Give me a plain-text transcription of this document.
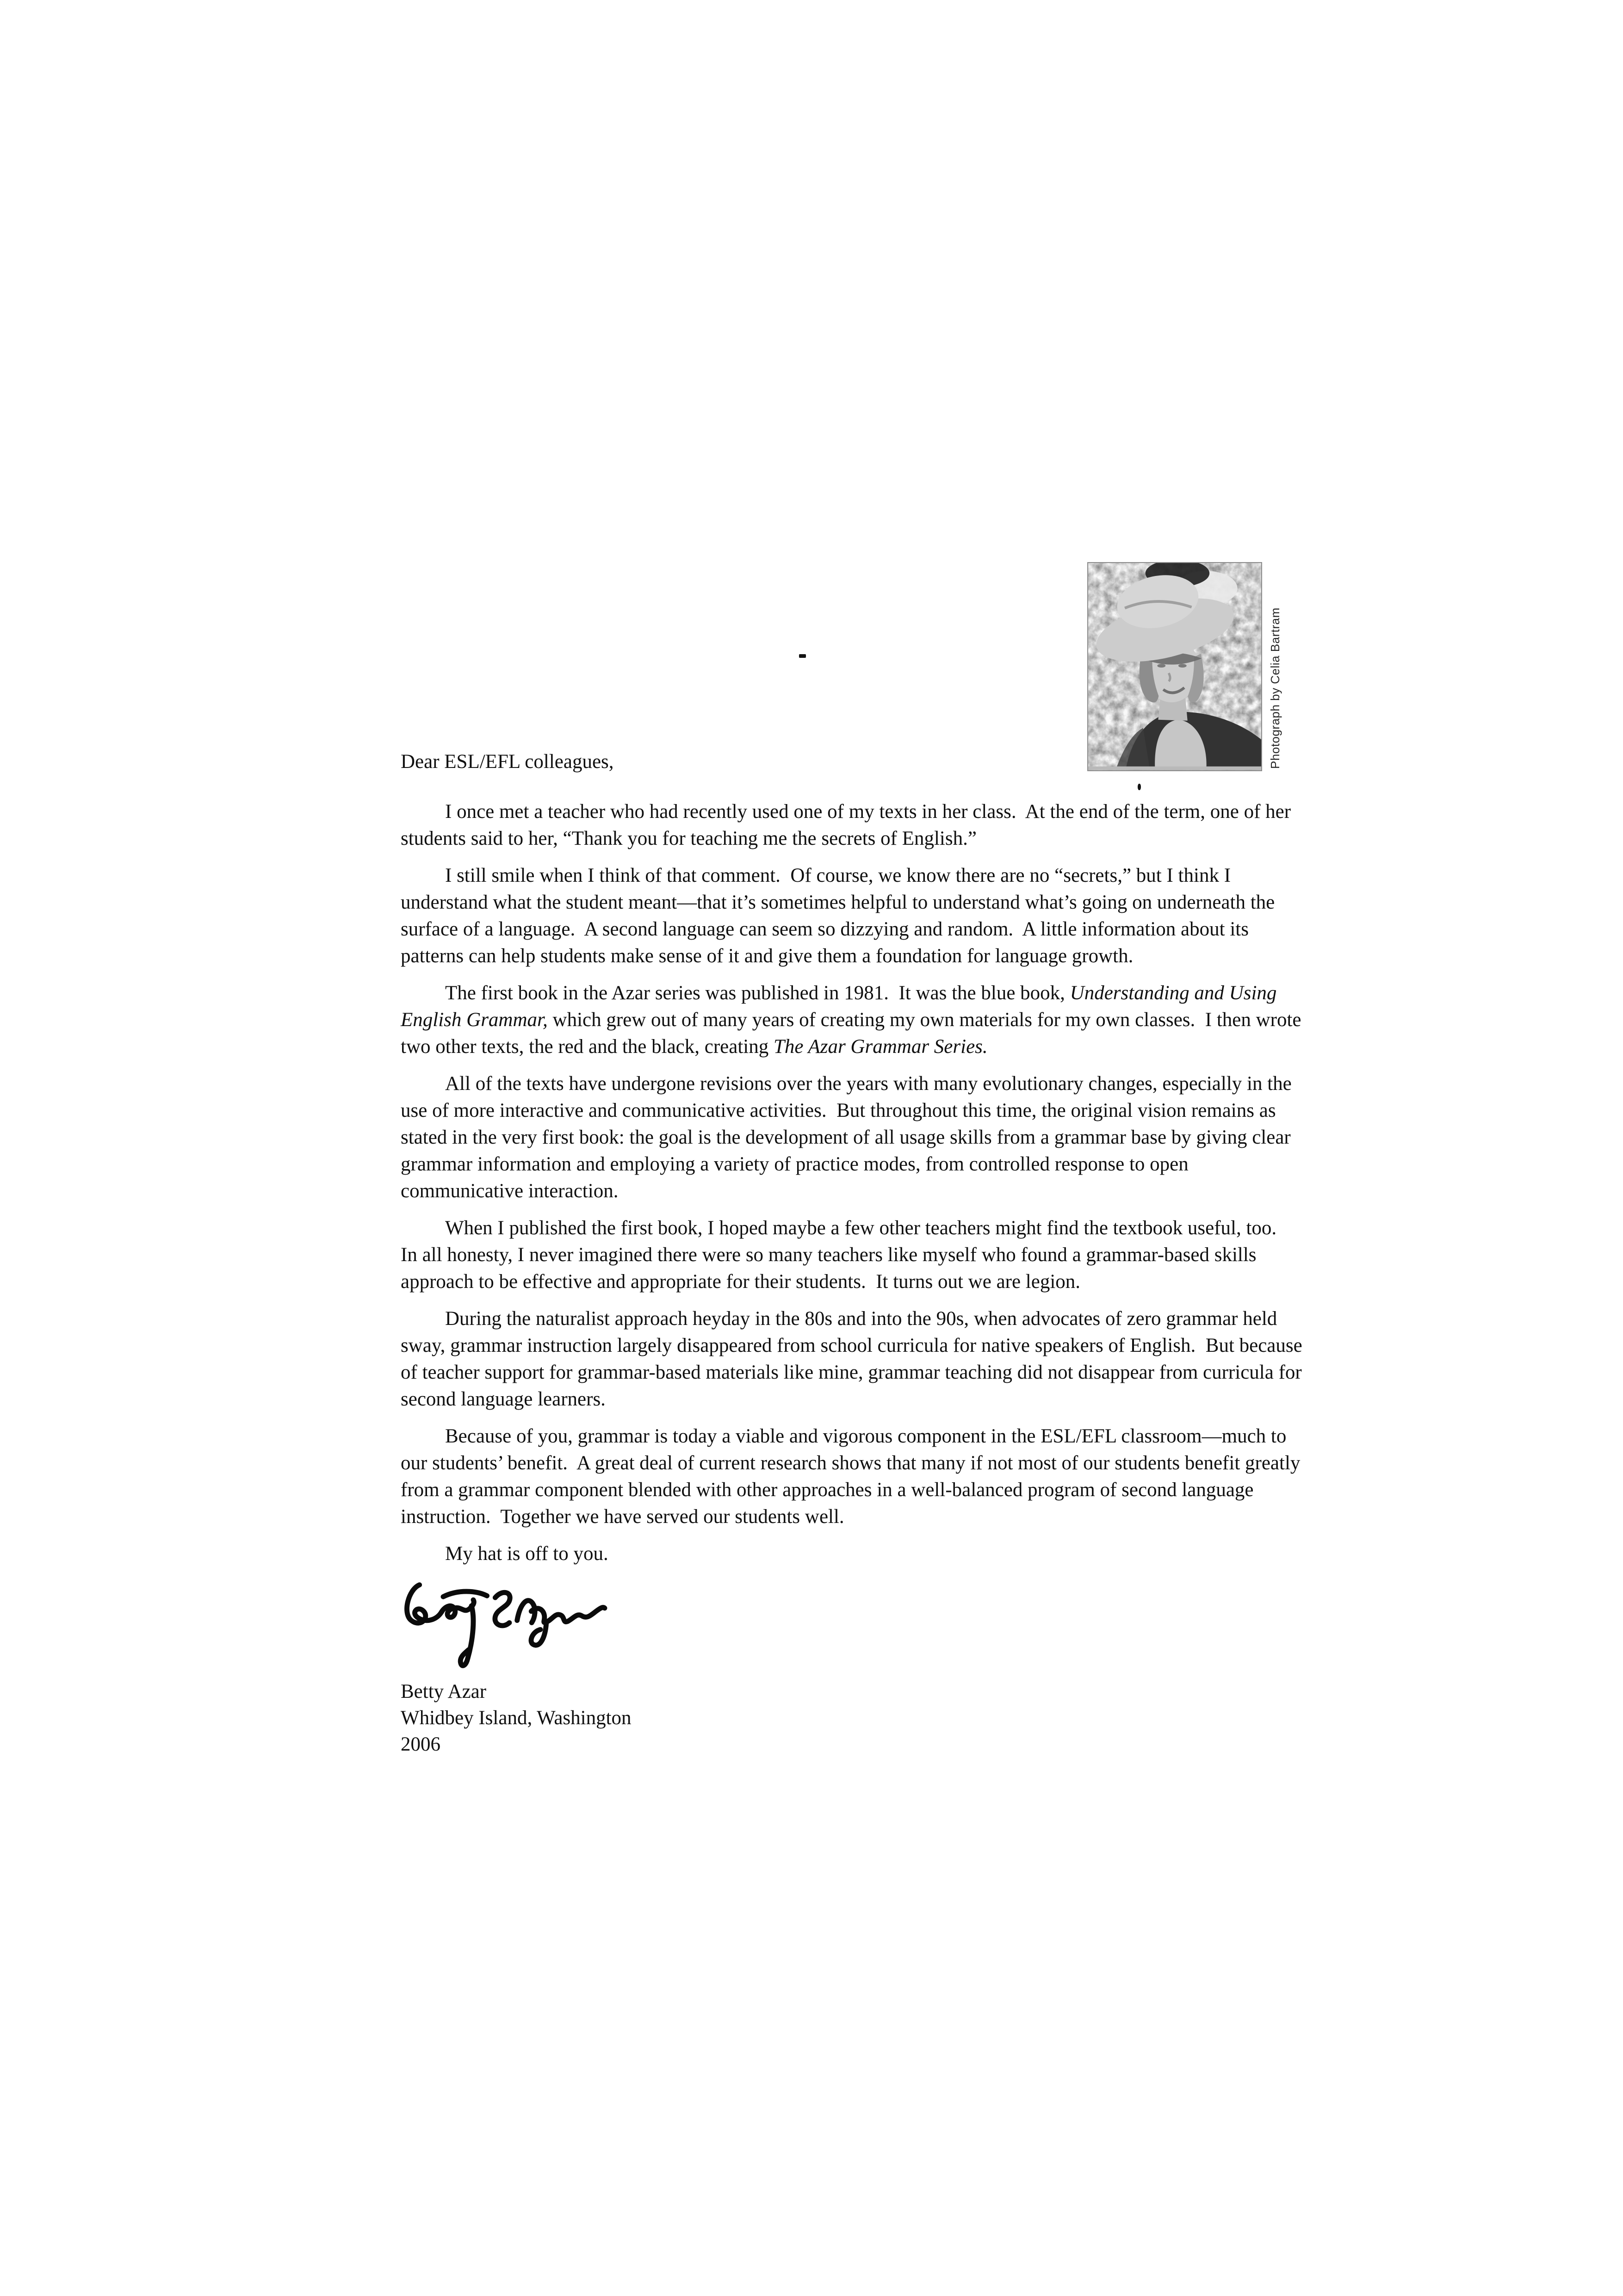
Photograph by Celia Bartram

Dear ESL/EFL colleagues,

I once met a teacher who had recently used one of my texts in her class.  At the end of the term, one of her students said to her, “Thank you for teaching me the secrets of English.”

I still smile when I think of that comment.  Of course, we know there are no “secrets,” but I think I understand what the student meant—that it’s sometimes helpful to understand what’s going on underneath the surface of a language.  A second language can seem so dizzying and random.  A little information about its patterns can help students make sense of it and give them a foundation for language growth.

The first book in the Azar series was published in 1981.  It was the blue book, Understanding and Using English Grammar, which grew out of many years of creating my own materials for my own classes.  I then wrote two other texts, the red and the black, creating The Azar Grammar Series.

All of the texts have undergone revisions over the years with many evolutionary changes, especially in the use of more interactive and communicative activities.  But throughout this time, the original vision remains as stated in the very first book: the goal is the development of all usage skills from a grammar base by giving clear grammar information and employing a variety of practice modes, from controlled response to open communicative interaction.

When I published the first book, I hoped maybe a few other teachers might find the textbook useful, too.  In all honesty, I never imagined there were so many teachers like myself who found a grammar-based skills approach to be effective and appropriate for their students.  It turns out we are legion.

During the naturalist approach heyday in the 80s and into the 90s, when advocates of zero grammar held sway, grammar instruction largely disappeared from school curricula for native speakers of English.  But because of teacher support for grammar-based materials like mine, grammar teaching did not disappear from curricula for second language learners.

Because of you, grammar is today a viable and vigorous component in the ESL/EFL classroom—much to our students’ benefit.  A great deal of current research shows that many if not most of our students benefit greatly from a grammar component blended with other approaches in a well-balanced program of second language instruction.  Together we have served our students well.

My hat is off to you.

Betty Azar

Whidbey Island, Washington

2006
